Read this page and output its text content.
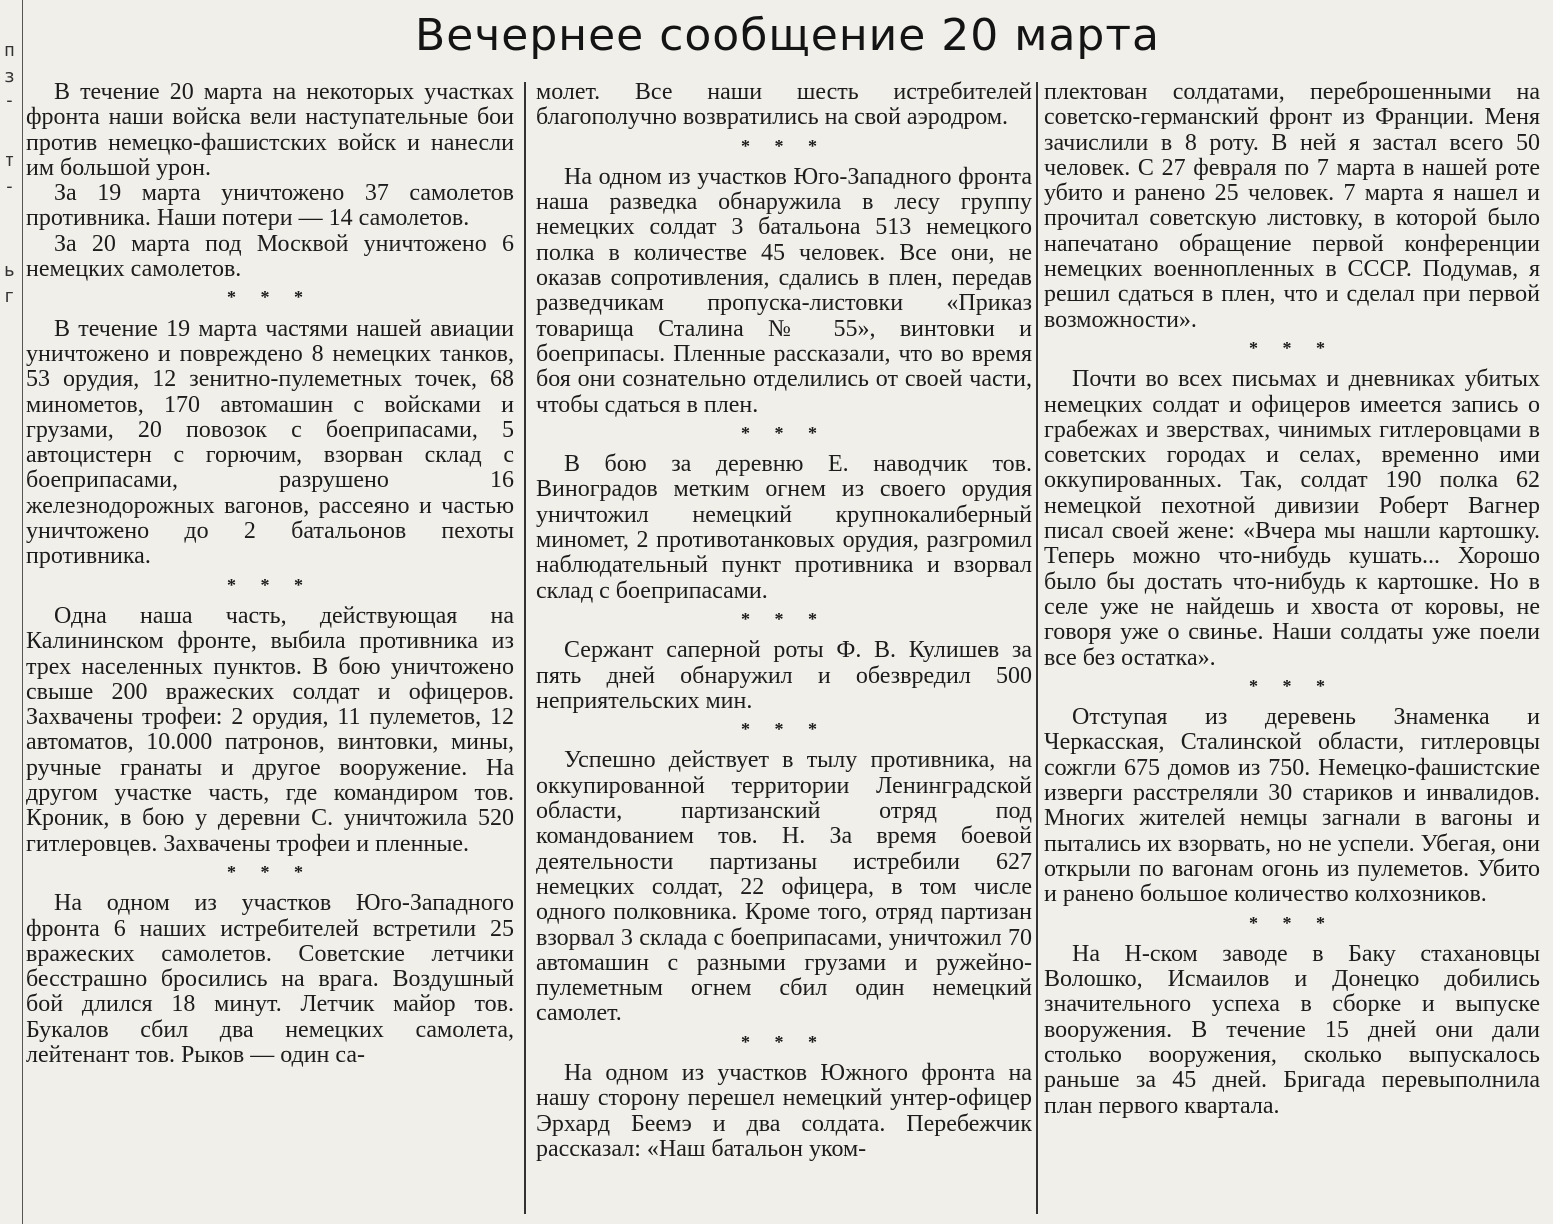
п
з
-
т
-
ь
г
Вечернее сообщение 20 марта
В течение 20 марта на некоторых участках фронта наши войска вели наступательные бои против немецко-фашистских войск и нанесли им большой урон.
За 19 марта уничтожено 37 самолетов противника. Наши потери — 14 самолетов.
За 20 марта под Москвой уничтожено 6 немецких самолетов.
* * *
В течение 19 марта частями нашей авиации уничтожено и повреждено 8 немецких танков, 53 орудия, 12 зенитно-пулеметных точек, 68 минометов, 170 автомашин с войсками и грузами, 20 повозок с боеприпасами, 5 автоцистерн с горючим, взорван склад с боеприпасами, разрушено 16 железнодорожных вагонов, рассеяно и частью уничтожено до 2 батальонов пехоты противника.
* * *
Одна наша часть, действующая на Калининском фронте, выбила противника из трех населенных пунктов. В бою уничтожено свыше 200 вражеских солдат и офицеров. Захвачены трофеи: 2 орудия, 11 пулеметов, 12 автоматов, 10.000 патронов, винтовки, мины, ручные гранаты и другое вооружение. На другом участке часть, где командиром тов. Кроник, в бою у деревни С. уничтожила 520 гитлеровцев. Захвачены трофеи и пленные.
* * *
На одном из участков Юго-Западного фронта 6 наших истребителей встретили 25 вражеских самолетов. Советские летчики бесстрашно бросились на врага. Воздушный бой длился 18 минут. Летчик майор тов. Букалов сбил два немецких самолета, лейтенант тов. Рыков — один са-
молет. Все наши шесть истребителей благополучно возвратились на свой аэродром.
* * *
На одном из участков Юго-Западного фронта наша разведка обнаружила в лесу группу немецких солдат 3 батальона 513 немецкого полка в количестве 45 человек. Все они, не оказав сопротивления, сдались в плен, передав разведчикам пропуска-листовки «Приказ товарища Сталина № 55», винтовки и боеприпасы. Пленные рассказали, что во время боя они сознательно отделились от своей части, чтобы сдаться в плен.
* * *
В бою за деревню Е. наводчик тов. Виноградов метким огнем из своего орудия уничтожил немецкий крупнокалиберный миномет, 2 противотанковых орудия, разгромил наблюдательный пункт противника и взорвал склад с боеприпасами.
* * *
Сержант саперной роты Ф. В. Кулишев за пять дней обнаружил и обезвредил 500 неприятельских мин.
* * *
Успешно действует в тылу противника, на оккупированной территории Ленинградской области, партизанский отряд под командованием тов. Н. За время боевой деятельности партизаны истребили 627 немецких солдат, 22 офицера, в том числе одного полковника. Кроме того, отряд партизан взорвал 3 склада с боеприпасами, уничтожил 70 автомашин с разными грузами и ружейно-пулеметным огнем сбил один немецкий самолет.
* * *
На одном из участков Южного фронта на нашу сторону перешел немецкий унтер-офицер Эрхард Беемэ и два солдата. Перебежчик рассказал: «Наш батальон уком-
плектован солдатами, переброшенными на советско-германский фронт из Франции. Меня зачислили в 8 роту. В ней я застал всего 50 человек. С 27 февраля по 7 марта в нашей роте убито и ранено 25 человек. 7 марта я нашел и прочитал советскую листовку, в которой было напечатано обращение первой конференции немецких военнопленных в СССР. Подумав, я решил сдаться в плен, что и сделал при первой возможности».
* * *
Почти во всех письмах и дневниках убитых немецких солдат и офицеров имеется запись о грабежах и зверствах, чинимых гитлеровцами в советских городах и селах, временно ими оккупированных. Так, солдат 190 полка 62 немецкой пехотной дивизии Роберт Вагнер писал своей жене: «Вчера мы нашли картошку. Теперь можно что-нибудь кушать... Хорошо было бы достать что-нибудь к картошке. Но в селе уже не найдешь и хвоста от коровы, не говоря уже о свинье. Наши солдаты уже поели все без остатка».
* * *
Отступая из деревень Знаменка и Черкасская, Сталинской области, гитлеровцы сожгли 675 домов из 750. Немецко-фашистские изверги расстреляли 30 стариков и инвалидов. Многих жителей немцы загнали в вагоны и пытались их взорвать, но не успели. Убегая, они открыли по вагонам огонь из пулеметов. Убито и ранено большое количество колхозников.
* * *
На Н-ском заводе в Баку стахановцы Волошко, Исмаилов и Донецко добились значительного успеха в сборке и выпуске вооружения. В течение 15 дней они дали столько вооружения, сколько выпускалось раньше за 45 дней. Бригада перевыполнила план первого квартала.
